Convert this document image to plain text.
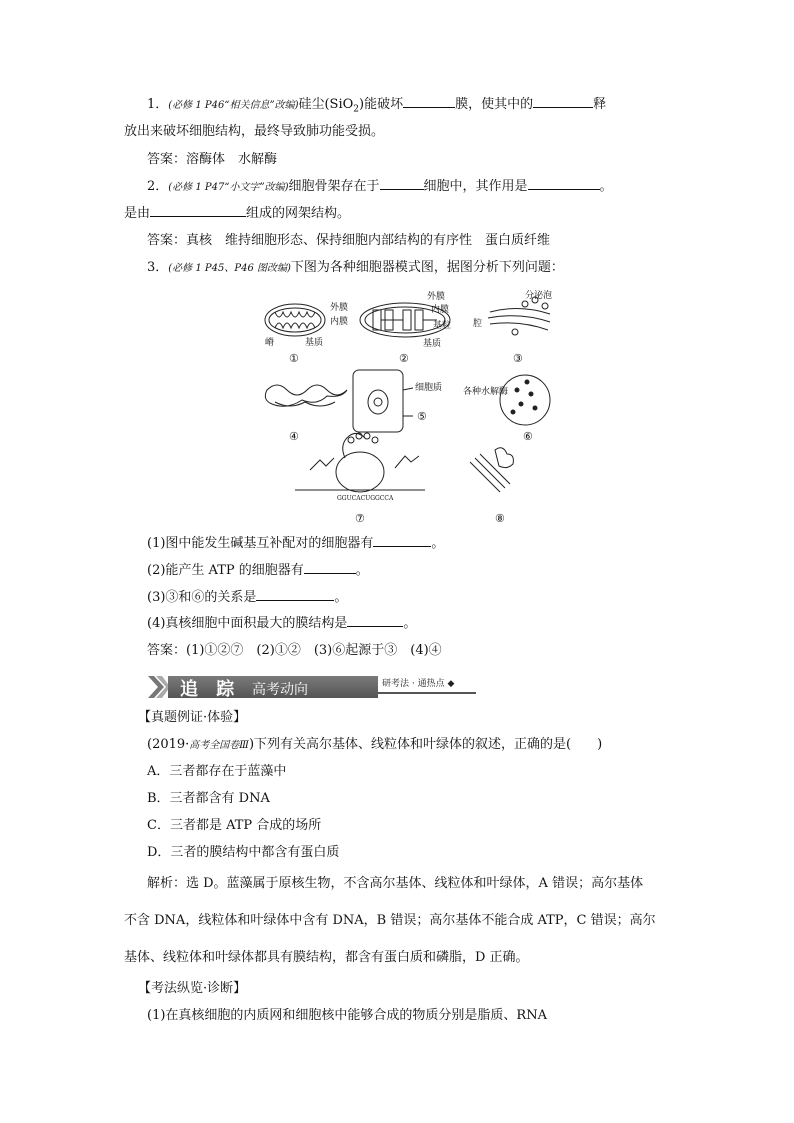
1．(必修 1 P46“相关信息”改编)硅尘(SiO$_2$)能破坏	膜，使其中的	释
放出来破坏细胞结构，最终导致肺功能受损。
答案：溶酶体　水解酶
2．(必修 1 P47“小文字”改编)细胞骨架存在于	细胞中，其作用是	。
是由	组成的网架结构。
答案：真核　维持细胞形态、保持细胞内部结构的有序性　蛋白质纤维
3．(必修 1 P45、P46 图改编)下图为各种细胞器模式图，据图分析下列问题：
外膜
内膜
嵴	基质
外膜
内膜
基粒
基质
腔
分泌泡
细胞质 各种水解酶
GGUCACUGGCCA
①	②	③
④
⑤
⑥
⑦	⑧
(1)图中能发生碱基互补配对的细胞器有	。
(2)能产生 ATP 的细胞器有	。
(3)③和⑥的关系是	。
(4)真核细胞中面积最大的膜结构是	。
答案：(1)①②⑦　(2)①②　(3)⑥起源于③　(4)④
追 踪 高考动向	研考法 · 通热点 ◆
【真题例证·体验】
(2019·高考全国卷Ⅲ)下列有关高尔基体、线粒体和叶绿体的叙述，正确的是(　　)
A．三者都存在于蓝藻中
B．三者都含有 DNA
C．三者都是 ATP 合成的场所
D．三者的膜结构中都含有蛋白质
解析：选 D。蓝藻属于原核生物，不含高尔基体、线粒体和叶绿体，A 错误；高尔基体
不含 DNA，线粒体和叶绿体中含有 DNA，B 错误；高尔基体不能合成 ATP，C 错误；高尔
基体、线粒体和叶绿体都具有膜结构，都含有蛋白质和磷脂，D 正确。
【考法纵览·诊断】
(1)在真核细胞的内质网和细胞核中能够合成的物质分别是脂质、RNA
